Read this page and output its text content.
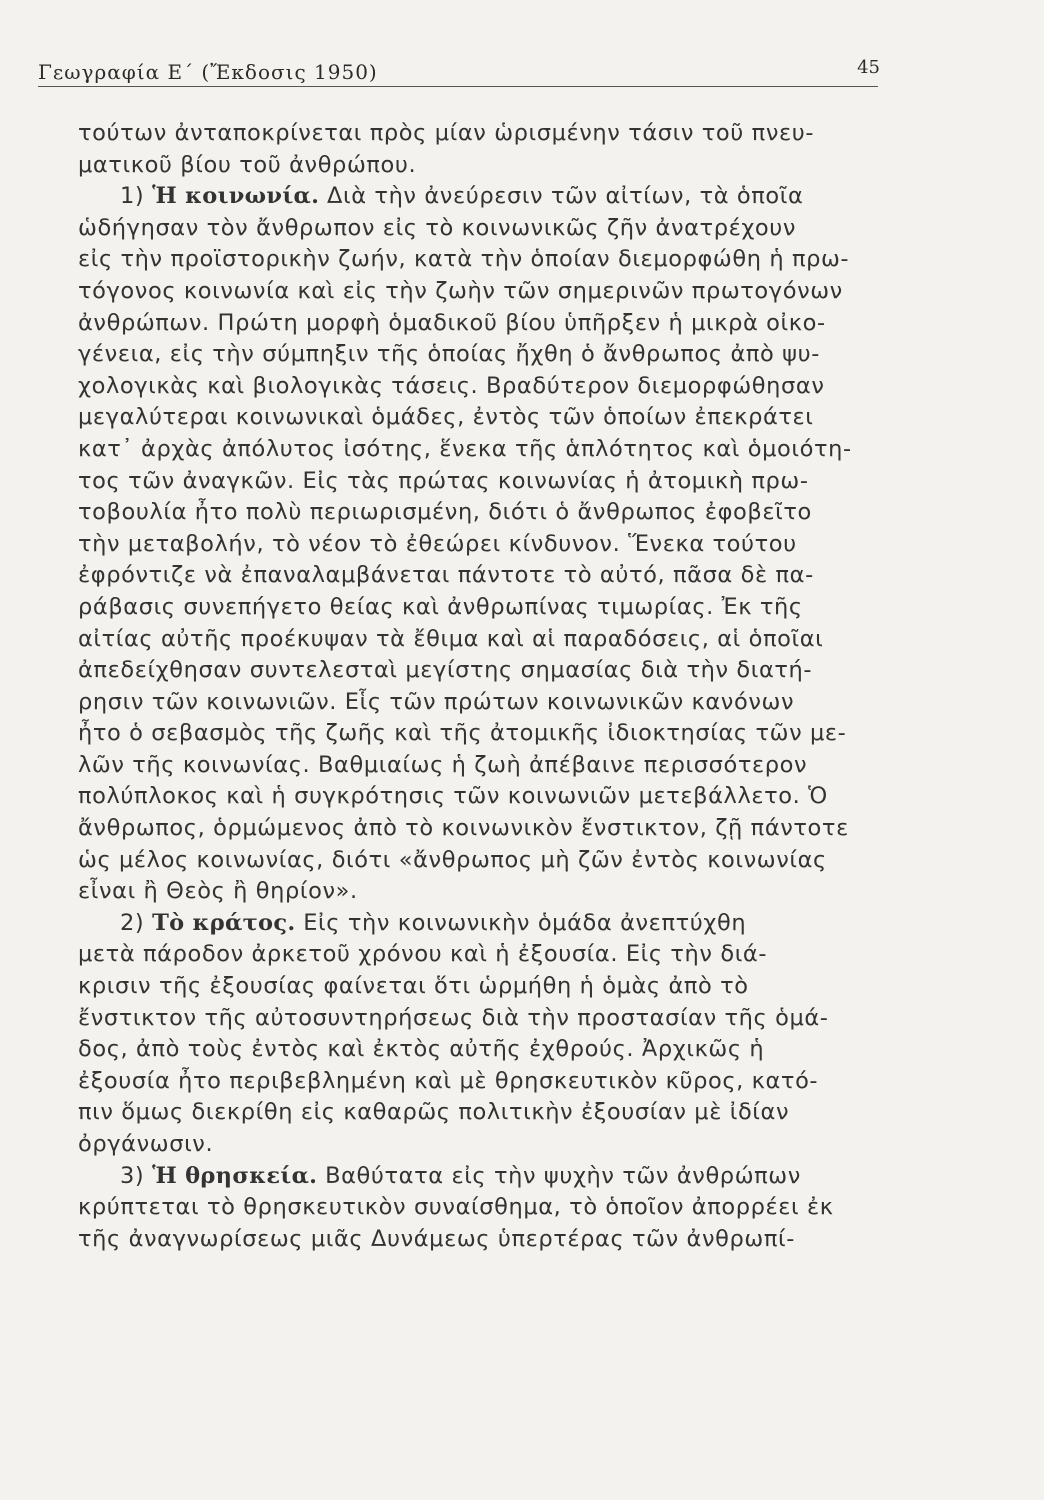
Γεωγραφία Ε΄ (Ἔκδοσις 1950)	45
τούτων ἀνταποκρίνεται πρὸς μίαν ὡρισμένην τάσιν τοῦ πνευ-
ματικοῦ βίου τοῦ ἀνθρώπου.
1) Ἡ κοινωνία. Διὰ τὴν ἀνεύρεσιν τῶν αἰτίων, τὰ ὁποῖα
ὡδήγησαν τὸν ἄνθρωπον εἰς τὸ κοινωνικῶς ζῆν ἀνατρέχουν
εἰς τὴν προϊστορικὴν ζωήν, κατὰ τὴν ὁποίαν διεμορφώθη ἡ πρω-
τόγονος κοινωνία καὶ εἰς τὴν ζωὴν τῶν σημερινῶν πρωτογόνων
ἀνθρώπων. Πρώτη μορφὴ ὁμαδικοῦ βίου ὑπῆρξεν ἡ μικρὰ οἰκο-
γένεια, εἰς τὴν σύμπηξιν τῆς ὁποίας ἤχθη ὁ ἄνθρωπος ἀπὸ ψυ-
χολογικὰς καὶ βιολογικὰς τάσεις. Βραδύτερον διεμορφώθησαν
μεγαλύτεραι κοινωνικαὶ ὁμάδες, ἐντὸς τῶν ὁποίων ἐπεκράτει
κατ᾽ ἀρχὰς ἀπόλυτος ἰσότης, ἕνεκα τῆς ἁπλότητος καὶ ὁμοιότη-
τος τῶν ἀναγκῶν. Εἰς τὰς πρώτας κοινωνίας ἡ ἀτομικὴ πρω-
τοβουλία ἦτο πολὺ περιωρισμένη, διότι ὁ ἄνθρωπος ἐφοβεῖτο
τὴν μεταβολήν, τὸ νέον τὸ ἐθεώρει κίνδυνον. Ἕνεκα τούτου
ἐφρόντιζε νὰ ἐπαναλαμβάνεται πάντοτε τὸ αὐτό, πᾶσα δὲ πα-
ράβασις συνεπήγετο θείας καὶ ἀνθρωπίνας τιμωρίας. Ἐκ τῆς
αἰτίας αὐτῆς προέκυψαν τὰ ἔθιμα καὶ αἱ παραδόσεις, αἱ ὁποῖαι
ἀπεδείχθησαν συντελεσταὶ μεγίστης σημασίας διὰ τὴν διατή-
ρησιν τῶν κοινωνιῶν. Εἷς τῶν πρώτων κοινωνικῶν κανόνων
ἦτο ὁ σεβασμὸς τῆς ζωῆς καὶ τῆς ἀτομικῆς ἰδιοκτησίας τῶν με-
λῶν τῆς κοινωνίας. Βαθμιαίως ἡ ζωὴ ἀπέβαινε περισσότερον
πολύπλοκος καὶ ἡ συγκρότησις τῶν κοινωνιῶν μετεβάλλετο. Ὁ
ἄνθρωπος, ὁρμώμενος ἀπὸ τὸ κοινωνικὸν ἔνστικτον, ζῇ πάντοτε
ὡς μέλος κοινωνίας, διότι «ἄνθρωπος μὴ ζῶν ἐντὸς κοινωνίας
εἶναι ἢ Θεὸς ἢ θηρίον».
2) Τὸ κράτος. Εἰς τὴν κοινωνικὴν ὁμάδα ἀνεπτύχθη
μετὰ πάροδον ἀρκετοῦ χρόνου καὶ ἡ ἐξουσία. Εἰς τὴν διά-
κρισιν τῆς ἐξουσίας φαίνεται ὅτι ὡρμήθη ἡ ὁμὰς ἀπὸ τὸ
ἔνστικτον τῆς αὐτοσυντηρήσεως διὰ τὴν προστασίαν τῆς ὁμά-
δος, ἀπὸ τοὺς ἐντὸς καὶ ἐκτὸς αὐτῆς ἐχθρούς. Ἀρχικῶς ἡ
ἐξουσία ἦτο περιβεβλημένη καὶ μὲ θρησκευτικὸν κῦρος, κατό-
πιν ὅμως διεκρίθη εἰς καθαρῶς πολιτικὴν ἐξουσίαν μὲ ἰδίαν
ὀργάνωσιν.
3) Ἡ θρησκεία. Βαθύτατα εἰς τὴν ψυχὴν τῶν ἀνθρώπων
κρύπτεται τὸ θρησκευτικὸν συναίσθημα, τὸ ὁποῖον ἀπορρέει ἐκ
τῆς ἀναγνωρίσεως μιᾶς Δυνάμεως ὑπερτέρας τῶν ἀνθρωπί-
